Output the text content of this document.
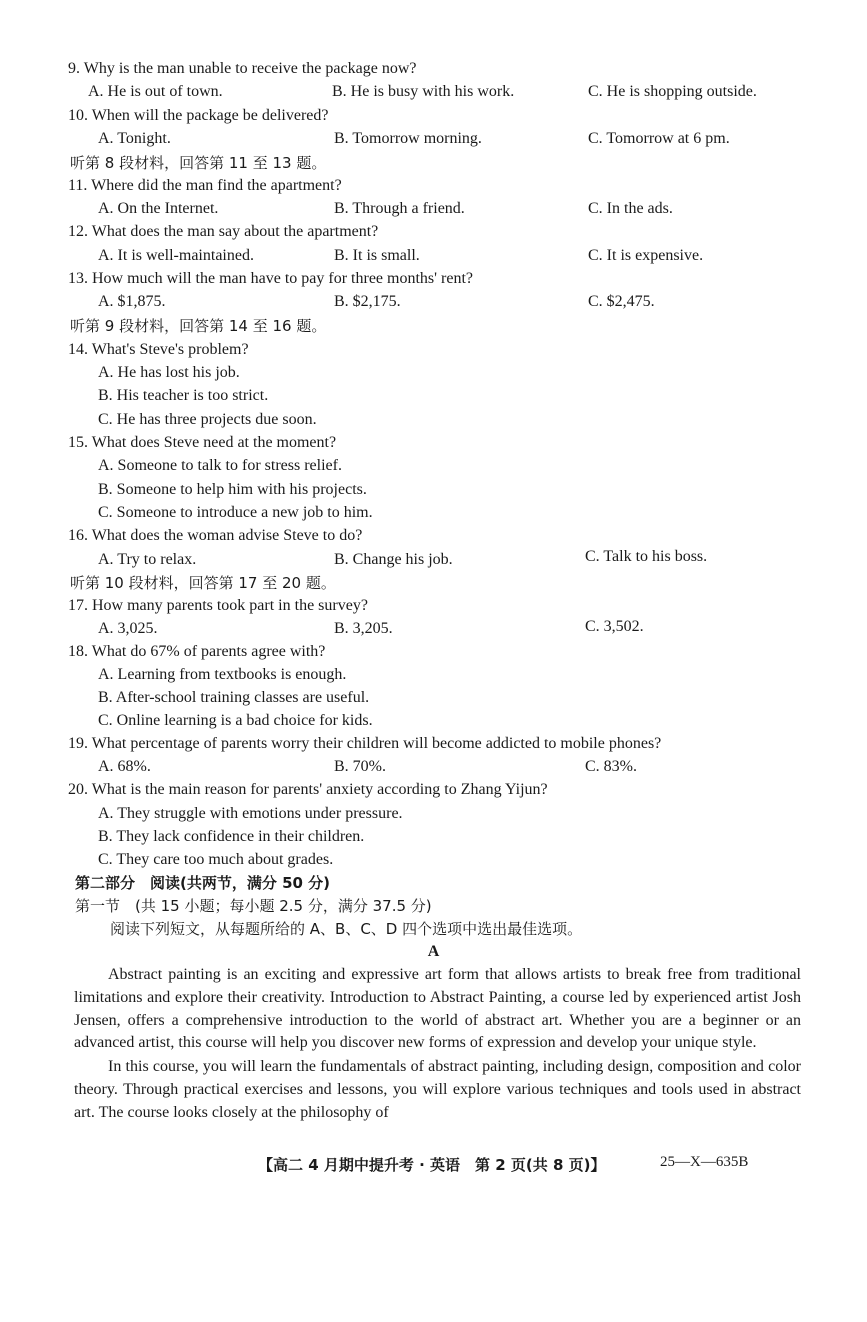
9. Why is the man unable to receive the package now?
A. He is out of town.	B. He is busy with his work.	C. He is shopping outside.
10. When will the package be delivered?
A. Tonight.	B. Tomorrow morning.	C. Tomorrow at 6 pm.
听第 8 段材料，回答第 11 至 13 题。
11. Where did the man find the apartment?
A. On the Internet.	B. Through a friend.	C. In the ads.
12. What does the man say about the apartment?
A. It is well-maintained.	B. It is small.	C. It is expensive.
13. How much will the man have to pay for three months' rent?
A. $1,875.	B. $2,175.	C. $2,475.
听第 9 段材料，回答第 14 至 16 题。
14. What's Steve's problem?
A. He has lost his job.
B. His teacher is too strict.
C. He has three projects due soon.
15. What does Steve need at the moment?
A. Someone to talk to for stress relief.
B. Someone to help him with his projects.
C. Someone to introduce a new job to him.
16. What does the woman advise Steve to do?
A. Try to relax.	B. Change his job.	C. Talk to his boss.
听第 10 段材料，回答第 17 至 20 题。
17. How many parents took part in the survey?
A. 3,025.	B. 3,205.	C. 3,502.
18. What do 67% of parents agree with?
A. Learning from textbooks is enough.
B. After-school training classes are useful.
C. Online learning is a bad choice for kids.
19. What percentage of parents worry their children will become addicted to mobile phones?
A. 68%.	B. 70%.	C. 83%.
20. What is the main reason for parents' anxiety according to Zhang Yijun?
A. They struggle with emotions under pressure.
B. They lack confidence in their children.
C. They care too much about grades.
第二部分　阅读(共两节，满分 50 分)
第一节　(共 15 小题；每小题 2.5 分，满分 37.5 分)
阅读下列短文，从每题所给的 A、B、C、D 四个选项中选出最佳选项。
A

Abstract painting is an exciting and expressive art form that allows artists to break free from traditional limitations and explore their creativity. Introduction to Abstract Painting, a course led by experienced artist Josh Jensen, offers a comprehensive introduction to the world of abstract art. Whether you are a beginner or an advanced artist, this course will help you discover new forms of expression and develop your unique style.

In this course, you will learn the fundamentals of abstract painting, including design, composition and color theory. Through practical exercises and lessons, you will explore various techniques and tools used in abstract art. The course looks closely at the philosophy of

【高二 4 月期中提升考 · 英语　第 2 页(共 8 页)】	25—X—635B
